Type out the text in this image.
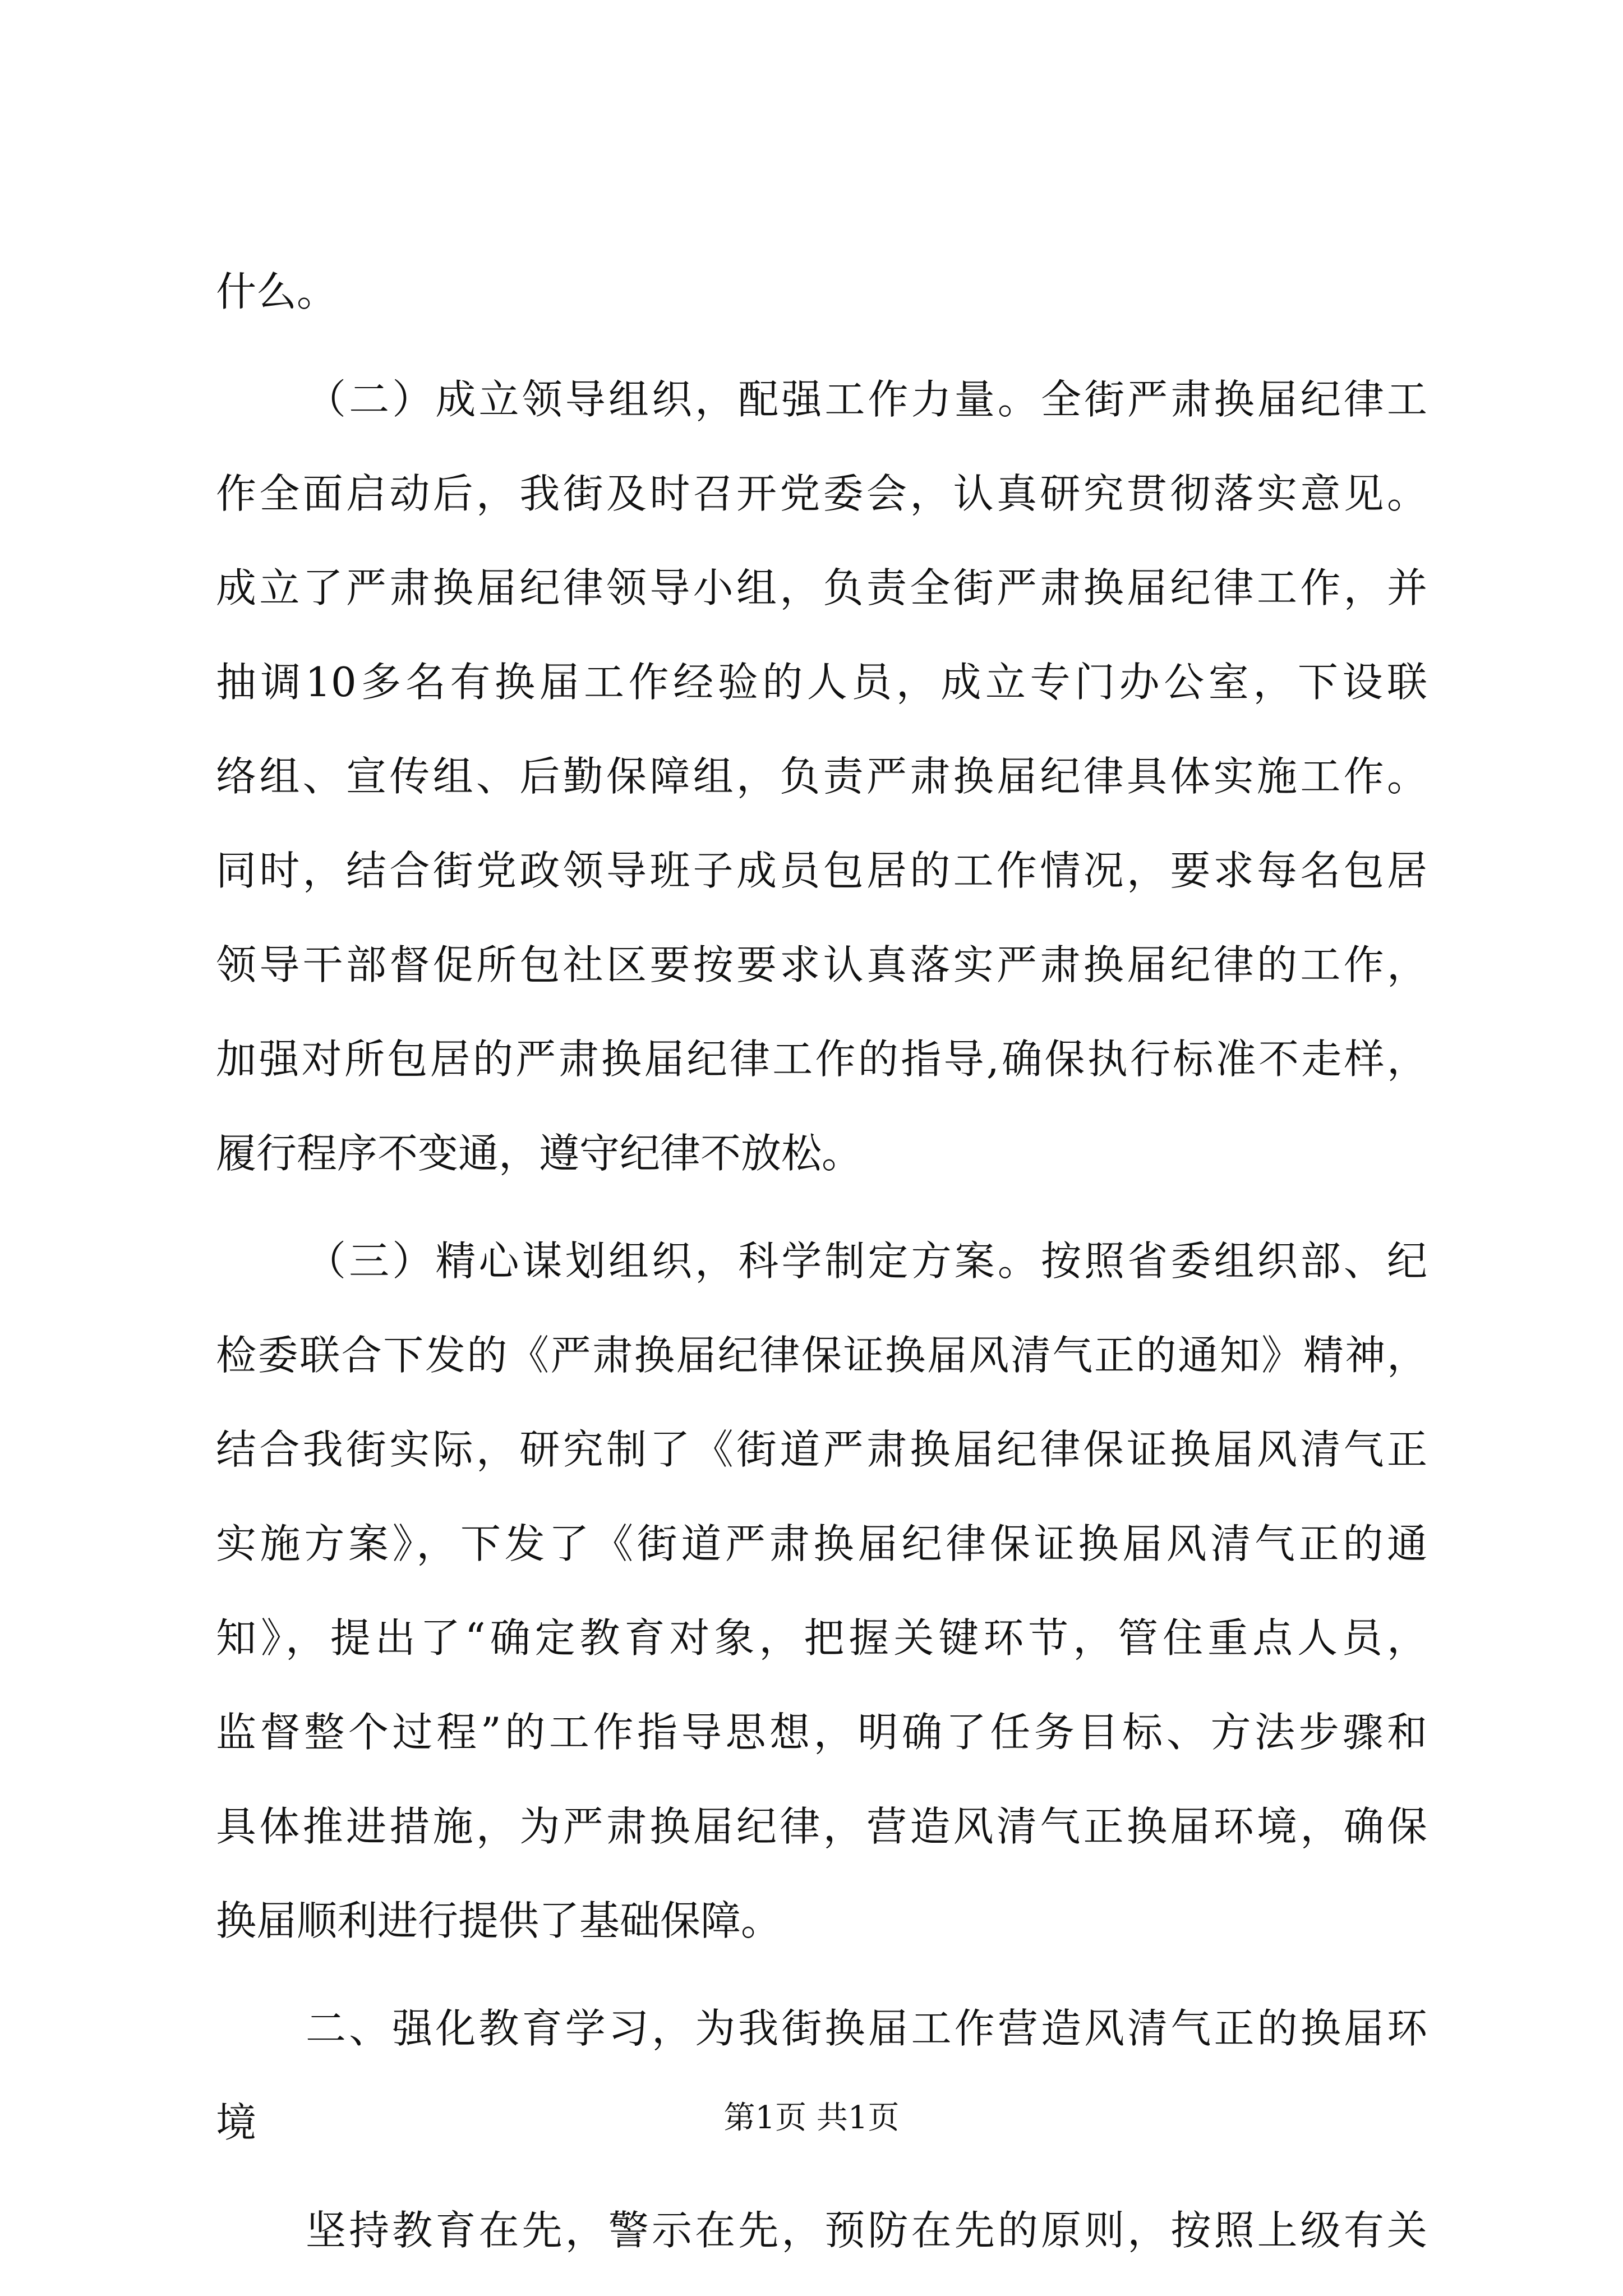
什么。
（二）成立领导组织，配强工作力量。全街严肃换届纪律工
作全面启动后，我街及时召开党委会，认真研究贯彻落实意见。
成立了严肃换届纪律领导小组，负责全街严肃换届纪律工作，并
抽调10多名有换届工作经验的人员，成立专门办公室，下设联
络组、宣传组、后勤保障组，负责严肃换届纪律具体实施工作。
同时，结合街党政领导班子成员包居的工作情况，要求每名包居
领导干部督促所包社区要按要求认真落实严肃换届纪律的工作，
加强对所包居的严肃换届纪律工作的指导,确保执行标准不走样，
履行程序不变通，遵守纪律不放松。
（三）精心谋划组织，科学制定方案。按照省委组织部、纪
检委联合下发的《严肃换届纪律保证换届风清气正的通知》精神，
结合我街实际，研究制了《街道严肃换届纪律保证换届风清气正
实施方案》，下发了《街道严肃换届纪律保证换届风清气正的通
知》，提出了“确定教育对象，把握关键环节，管住重点人员，
监督整个过程”的工作指导思想，明确了任务目标、方法步骤和
具体推进措施，为严肃换届纪律，营造风清气正换届环境，确保
换届顺利进行提供了基础保障。
二、强化教育学习，为我街换届工作营造风清气正的换届环
境
坚持教育在先，警示在先，预防在先的原则，按照上级有关
第1页 共1页
